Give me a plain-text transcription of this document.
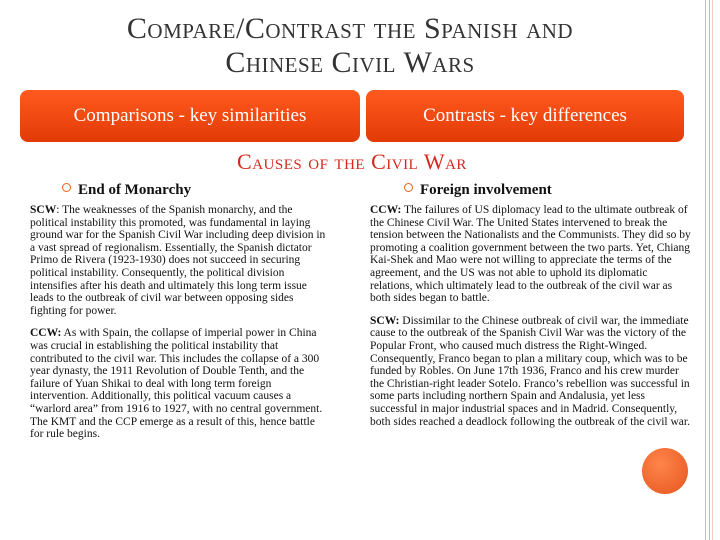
Compare/Contrast the Spanish and
Chinese Civil Wars
Comparisons - key similarities	Contrasts - key differences
Causes of the Civil War
End of Monarchy	Foreign involvement

SCW: The weaknesses of the Spanish monarchy, and the political instability this promoted, was fundamental in laying ground war for the Spanish Civil War including deep division in a vast spread of regionalism. Essentially, the Spanish dictator Primo de Rivera (1923-1930) does not succeed in securing political instability. Consequently, the political division intensifies after his death and ultimately this long term issue leads to the outbreak of civil war between opposing sides fighting for power.

CCW: As with Spain, the collapse of imperial power in China was crucial in establishing the political instability that contributed to the civil war. This includes the collapse of a 300 year dynasty, the 1911 Revolution of Double Tenth, and the failure of Yuan Shikai to deal with long term foreign intervention. Additionally, this political vacuum causes a “warlord area” from 1916 to 1927, with no central government. The KMT and the CCP emerge as a result of this, hence battle for rule begins.

CCW: The failures of US diplomacy lead to the ultimate outbreak of the Chinese Civil War. The United States intervened to break the tension between the Nationalists and the Communists. They did so by promoting a coalition government between the two parts. Yet, Chiang Kai-Shek and Mao were not willing to appreciate the terms of the agreement, and the US was not able to uphold its diplomatic relations, which ultimately lead to the outbreak of the civil war as both sides began to battle.

SCW: Dissimilar to the Chinese outbreak of civil war, the immediate cause to the outbreak of the Spanish Civil War was the victory of the Popular Front, who caused much distress the Right-Winged. Consequently, Franco began to plan a military coup, which was to be funded by Robles. On June 17th 1936, Franco and his crew murder the Christian-right leader Sotelo. Franco’s rebellion was successful in some parts including northern Spain and Andalusia, yet less successful in major industrial spaces and in Madrid. Consequently, both sides reached a deadlock following the outbreak of the civil war.
